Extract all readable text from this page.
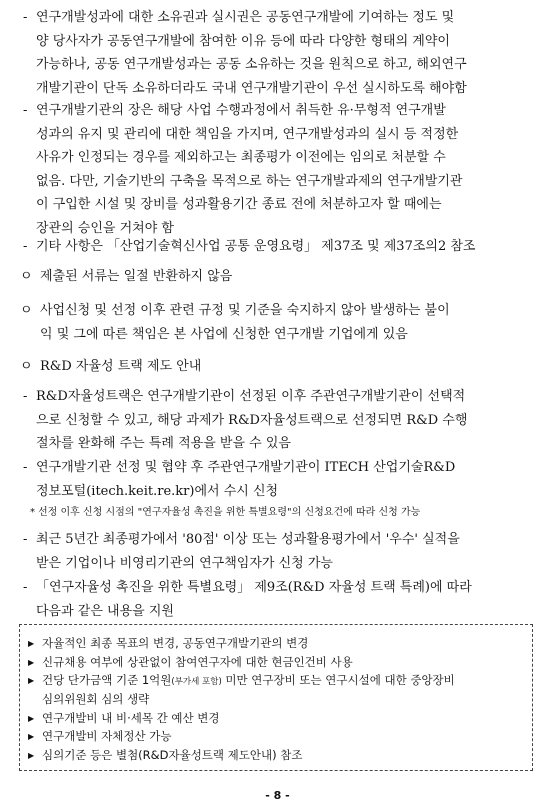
- 연구개발성과에 대한 소유권과 실시권은 공동연구개발에 기여하는 정도 및

양 당사자가 공동연구개발에 참여한 이유 등에 따라 다양한 형태의 계약이

가능하나, 공동 연구개발성과는 공동 소유하는 것을 원칙으로 하고, 해외연구

개발기관이 단독 소유하더라도 국내 연구개발기관이 우선 실시하도록 해야함

- 연구개발기관의 장은 해당 사업 수행과정에서 취득한 유·무형적 연구개발

성과의 유지 및 관리에 대한 책임을 가지며, 연구개발성과의 실시 등 적정한

사유가 인정되는 경우를 제외하고는 최종평가 이전에는 임의로 처분할 수

없음. 다만, 기술기반의 구축을 목적으로 하는 연구개발과제의 연구개발기관

이 구입한 시설 및 장비를 성과활용기간 종료 전에 처분하고자 할 때에는

장관의 승인을 거쳐야 함

- 기타 사항은 「산업기술혁신사업 공통 운영요령」 제37조 및 제37조의2 참조

ㅇ 제출된 서류는 일절 반환하지 않음
ㅇ 사업신청 및 선정 이후 관련 규정 및 기준을 숙지하지 않아 발생하는 불이
익 및 그에 따른 책임은 본 사업에 신청한 연구개발 기업에게 있음
ㅇ R&D 자율성 트랙 제도 안내
- R&D자율성트랙은 연구개발기관이 선정된 이후 주관연구개발기관이 선택적

으로 신청할 수 있고, 해당 과제가 R&D자율성트랙으로 선정되면 R&D 수행

절차를 완화해 주는 특례 적용을 받을 수 있음

- 연구개발기관 선정 및 협약 후 주관연구개발기관이 ITECH 산업기술R&D

정보포털(itech.keit.re.kr)에서 수시 신청

* 선정 이후 신청 시점의 "연구자율성 촉진을 위한 특별요령"의 신청요건에 따라 신청 가능
- 최근 5년간 최종평가에서 '80점' 이상 또는 성과활용평가에서 '우수' 실적을

받은 기업이나 비영리기관의 연구책임자가 신청 가능

- 「연구자율성 촉진을 위한 특별요령」 제9조(R&D 자율성 트랙 특례)에 따라

다음과 같은 내용을 지원

▶ 자율적인 최종 목표의 변경, 공동연구개발기관의 변경
▶ 신규채용 여부에 상관없이 참여연구자에 대한 현금인건비 사용
▶ 건당 단가금액 기준 1억원(부가세 포함) 미만 연구장비 또는 연구시설에 대한 중앙장비
심의위원회 심의 생략
▶ 연구개발비 내 비·세목 간 예산 변경
▶ 연구개발비 자체정산 가능
▶ 심의기준 등은 별첨(R&D자율성트랙 제도안내) 참조
- 8 -
